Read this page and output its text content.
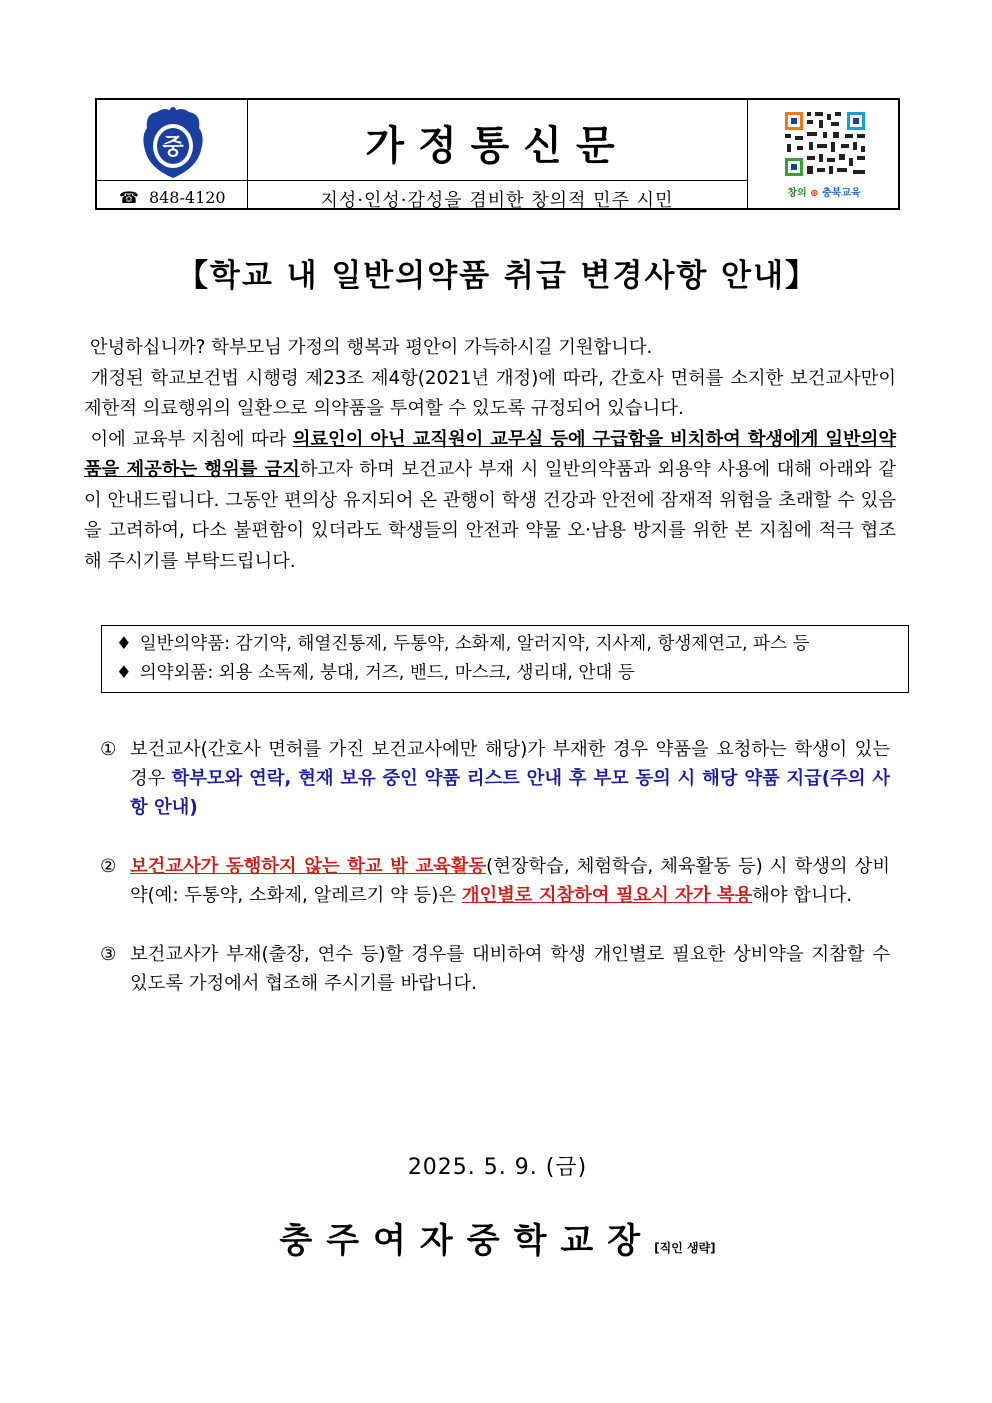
중
☎ 848-4120
가정통신문
지성·인성·감성을 겸비한 창의적 민주 시민	창의 ⊕ 충북교육
【학교 내 일반의약품 취급 변경사항 안내】

안녕하십니까? 학부모님 가정의 행복과 평안이 가득하시길 기원합니다.

개정된 학교보건법 시행령 제23조 제4항(2021년 개정)에 따라, 간호사 면허를 소지한 보건교사만이 제한적 의료행위의 일환으로 의약품을 투여할 수 있도록 규정되어 있습니다.

이에 교육부 지침에 따라 의료인이 아닌 교직원이 교무실 등에 구급함을 비치하여 학생에게 일반의약품을 제공하는 행위를 금지하고자 하며 보건교사 부재 시 일반의약품과 외용약 사용에 대해 아래와 같이 안내드립니다. 그동안 편의상 유지되어 온 관행이 학생 건강과 안전에 잠재적 위험을 초래할 수 있음을 고려하여, 다소 불편함이 있더라도 학생들의 안전과 약물 오·남용 방지를 위한 본 지침에 적극 협조해 주시기를 부탁드립니다.

♦ 일반의약품: 감기약, 해열진통제, 두통약, 소화제, 알러지약, 지사제, 항생제연고, 파스 등
♦ 의약외품: 외용 소독제, 붕대, 거즈, 밴드, 마스크, 생리대, 안대 등
① 보건교사(간호사 면허를 가진 보건교사에만 해당)가 부재한 경우 약품을 요청하는 학생이 있는 경우 학부모와 연락, 현재 보유 중인 약품 리스트 안내 후 부모 동의 시 해당 약품 지급(주의 사항 안내)
② 보건교사가 동행하지 않는 학교 밖 교육활동(현장학습, 체험학습, 체육활동 등) 시 학생의 상비약(예: 두통약, 소화제, 알레르기 약 등)은 개인별로 지참하여 필요시 자가 복용해야 합니다.
③ 보건교사가 부재(출장, 연수 등)할 경우를 대비하여 학생 개인별로 필요한 상비약을 지참할 수 있도록 가정에서 협조해 주시기를 바랍니다.
2025. 5. 9. (금)
충주여자중학교장[직인 생략]
